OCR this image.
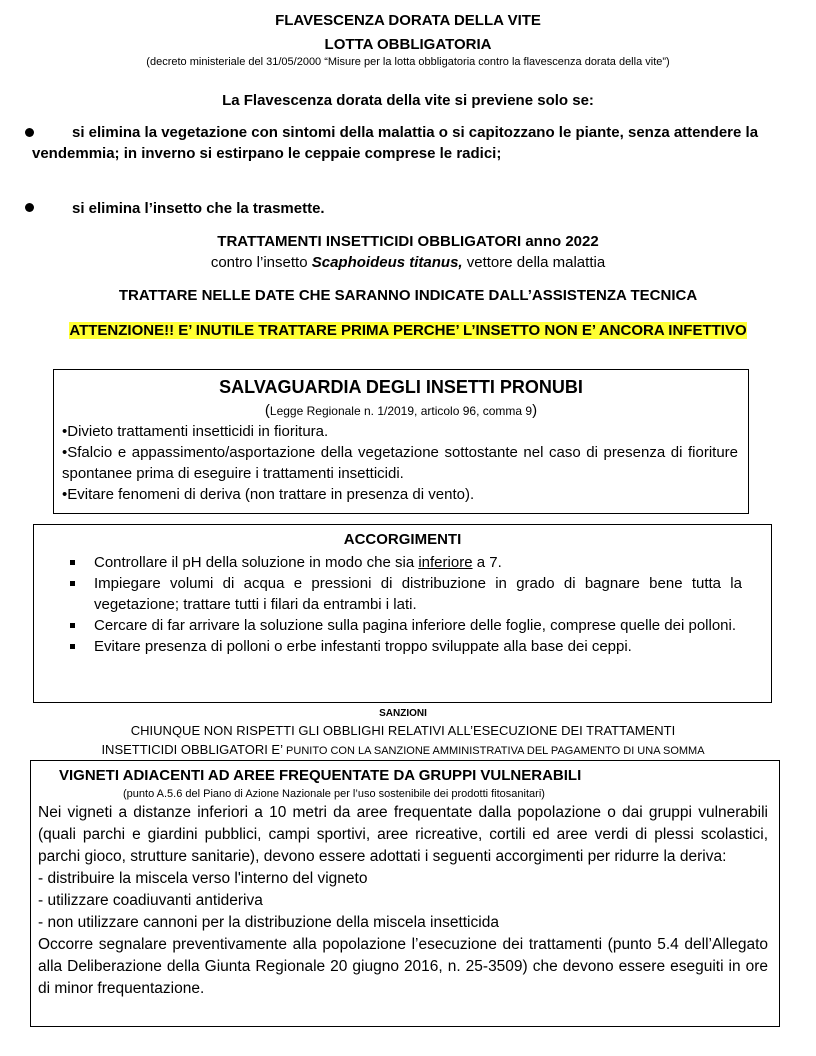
FLAVESCENZA DORATA DELLA VITE
LOTTA OBBLIGATORIA
(decreto ministeriale del 31/05/2000 “Misure per la lotta obbligatoria contro la flavescenza dorata della vite”)
La Flavescenza dorata della vite si previene solo se:
si elimina la vegetazione con sintomi della malattia o si capitozzano le piante, senza attendere la vendemmia; in inverno si estirpano le ceppaie comprese le radici;
si elimina l’insetto che la trasmette.
TRATTAMENTI INSETTICIDI OBBLIGATORI anno 2022
contro l’insetto Scaphoideus titanus, vettore della malattia
TRATTARE NELLE DATE CHE SARANNO INDICATE DALL’ASSISTENZA TECNICA
ATTENZIONE!! E’ INUTILE TRATTARE PRIMA PERCHE’ L’INSETTO NON E’ ANCORA INFETTIVO
SALVAGUARDIA DEGLI INSETTI PRONUBI
(Legge Regionale n. 1/2019, articolo 96, comma 9)
•Divieto trattamenti insetticidi in fioritura.
•Sfalcio e appassimento/asportazione della vegetazione sottostante nel caso di presenza di fioriture spontanee prima di eseguire i trattamenti insetticidi.
•Evitare fenomeni di deriva (non trattare in presenza di vento).
ACCORGIMENTI
Controllare il pH della soluzione in modo che sia inferiore a 7.
Impiegare volumi di acqua e pressioni di distribuzione in grado di bagnare bene tutta la vegetazione; trattare tutti i filari da entrambi i lati.
Cercare di far arrivare la soluzione sulla pagina inferiore delle foglie, comprese quelle dei polloni.
Evitare presenza di polloni o erbe infestanti troppo sviluppate alla base dei ceppi.
SANZIONI
CHIUNQUE NON RISPETTI GLI OBBLIGHI RELATIVI ALL’ESECUZIONE DEI TRATTAMENTI
INSETTICIDI OBBLIGATORI E’ PUNITO CON LA SANZIONE AMMINISTRATIVA DEL PAGAMENTO DI UNA SOMMA
VIGNETI ADIACENTI AD AREE FREQUENTATE DA GRUPPI VULNERABILI
(punto A.5.6 del Piano di Azione Nazionale per l’uso sostenibile dei prodotti fitosanitari)
Nei vigneti a distanze inferiori a 10 metri da aree frequentate dalla popolazione o dai gruppi vulnerabili (quali parchi e giardini pubblici, campi sportivi, aree ricreative, cortili ed aree verdi di plessi scolastici, parchi gioco, strutture sanitarie), devono essere adottati i seguenti accorgimenti per ridurre la deriva:
- distribuire la miscela verso l'interno del vigneto
- utilizzare coadiuvanti antideriva
- non utilizzare cannoni per la distribuzione della miscela insetticida
Occorre segnalare preventivamente alla popolazione l’esecuzione dei trattamenti (punto 5.4 dell’Allegato alla Deliberazione della Giunta Regionale 20 giugno 2016, n. 25-3509) che devono essere eseguiti in ore di minor frequentazione.
